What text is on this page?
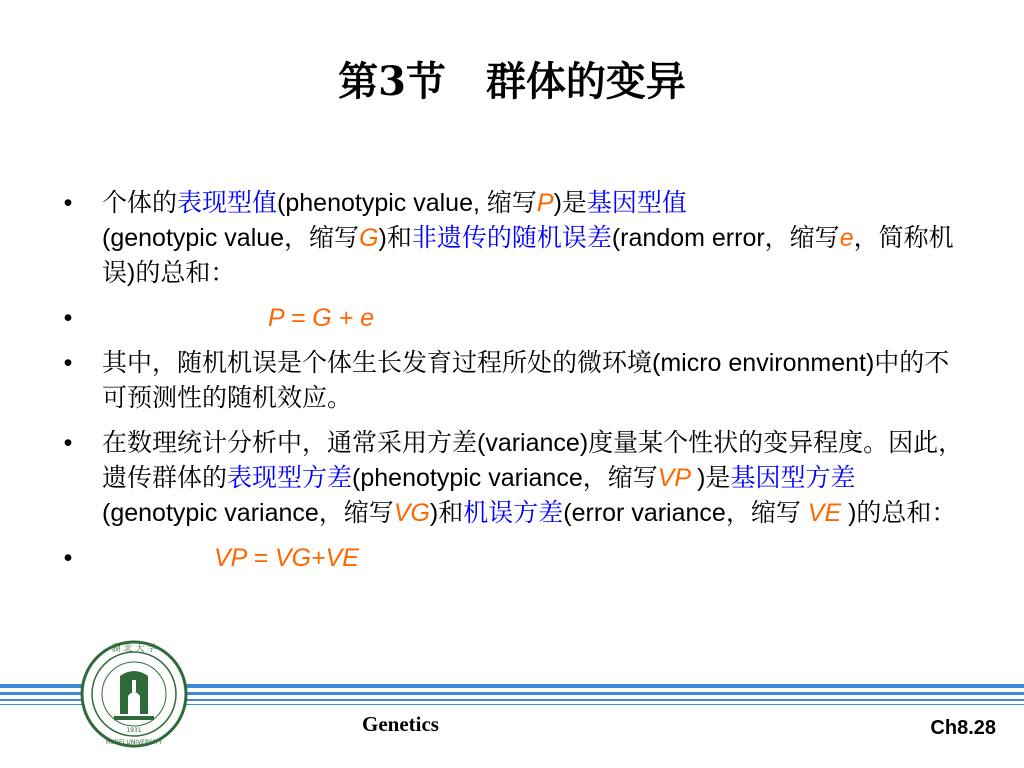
第3节　群体的变异
• 个体的表现型值(phenotypic value, 缩写P)是基因型值
(genotypic value，缩写G)和非遗传的随机误差(random error，缩写e，简称机误)的总和：
•	P = G + e
• 其中，随机机误是个体生长发育过程所处的微环境(micro environment)中的不可预测性的随机效应。
• 在数理统计分析中，通常采用方差(variance)度量某个性状的变异程度。因此，遗传群体的表现型方差(phenotypic variance，缩写VP )是基因型方差(genotypic variance，缩写VG)和机误方差(error variance，缩写 VE )的总和：
•	VP = VG+VE
湖 北 大 学
1931
HUBEI UNIVERSITY
Genetics	Ch8.28
